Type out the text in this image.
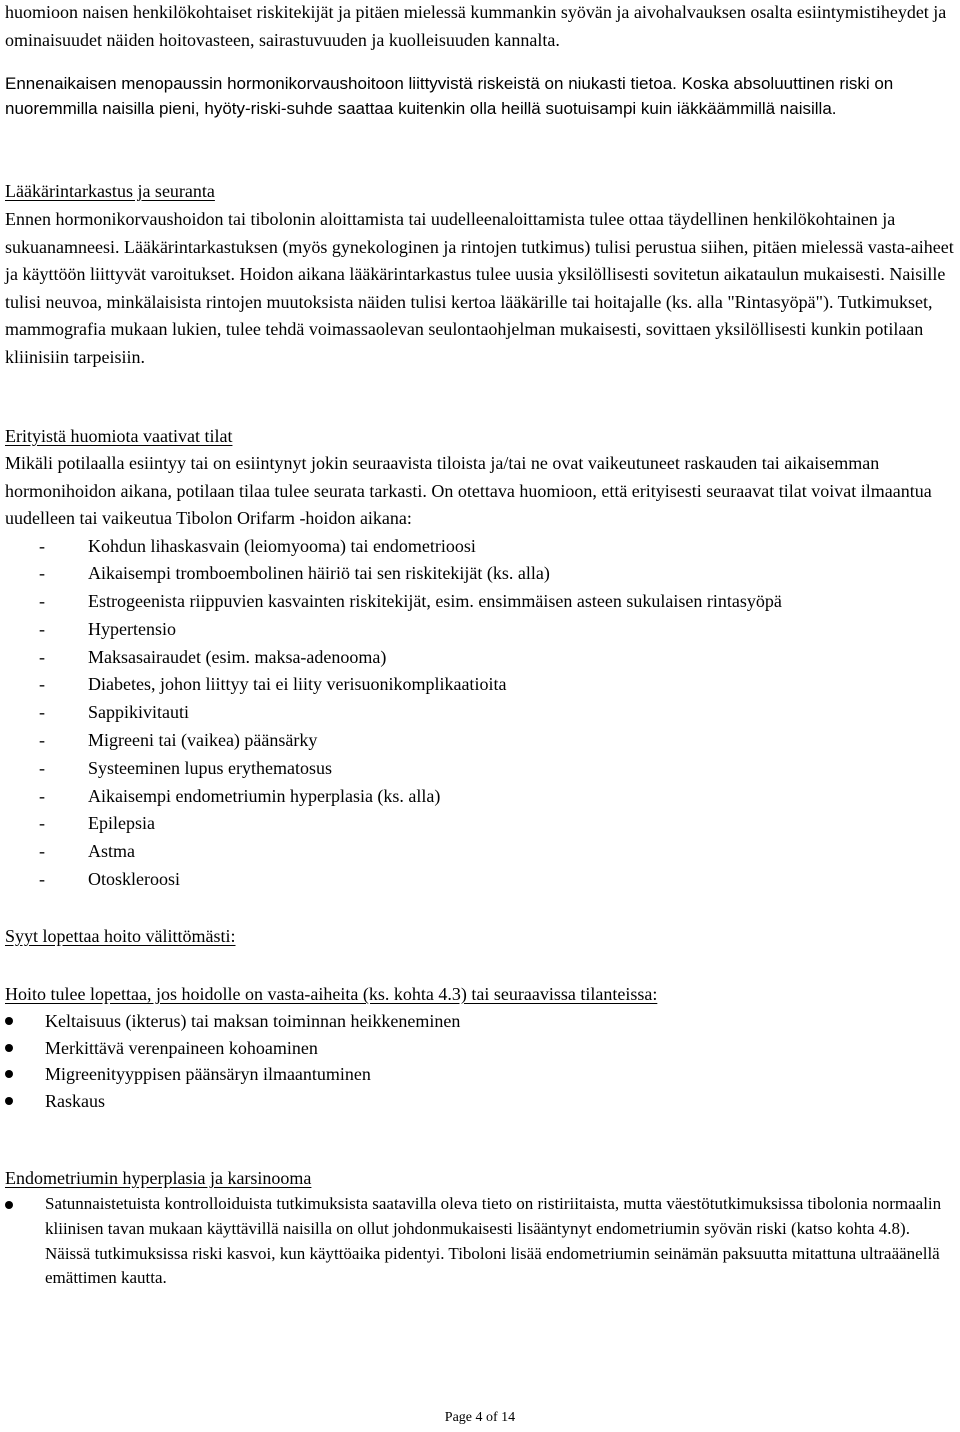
huomioon naisen henkilökohtaiset riskitekijät ja pitäen mielessä kummankin syövän ja aivohalvauksen osalta esiintymistiheydet ja ominaisuudet näiden hoitovasteen, sairastuvuuden ja kuolleisuuden kannalta.

Ennenaikaisen menopaussin hormonikorvaushoitoon liittyvistä riskeistä on niukasti tietoa. Koska absoluuttinen riski on nuoremmilla naisilla pieni, hyöty-riski-suhde saattaa kuitenkin olla heillä suotuisampi kuin iäkkäämmillä naisilla.

Lääkärintarkastus ja seuranta

Ennen hormonikorvaushoidon tai tibolonin aloittamista tai uudelleenaloittamista tulee ottaa täydellinen henkilökohtainen ja sukuanamneesi. Lääkärintarkastuksen (myös gynekologinen ja rintojen tutkimus) tulisi perustua siihen, pitäen mielessä vasta-aiheet ja käyttöön liittyvät varoitukset. Hoidon aikana lääkärintarkastus tulee uusia yksilöllisesti sovitetun aikataulun mukaisesti. Naisille tulisi neuvoa, minkälaisista rintojen muutoksista näiden tulisi kertoa lääkärille tai hoitajalle (ks. alla "Rintasyöpä"). Tutkimukset, mammografia mukaan lukien, tulee tehdä voimassaolevan seulontaohjelman mukaisesti, sovittaen yksilöllisesti kunkin potilaan kliinisiin tarpeisiin.

Erityistä huomiota vaativat tilat

Mikäli potilaalla esiintyy tai on esiintynyt jokin seuraavista tiloista ja/tai ne ovat vaikeutuneet raskauden tai aikaisemman hormonihoidon aikana, potilaan tilaa tulee seurata tarkasti. On otettava huomioon, että erityisesti seuraavat tilat voivat ilmaantua uudelleen tai vaikeutua Tibolon Orifarm -hoidon aikana:

- Kohdun lihaskasvain (leiomyooma) tai endometrioosi
- Aikaisempi tromboembolinen häiriö tai sen riskitekijät (ks. alla)
- Estrogeenista riippuvien kasvainten riskitekijät, esim. ensimmäisen asteen sukulaisen rintasyöpä
- Hypertensio
- Maksasairaudet (esim. maksa-adenooma)
- Diabetes, johon liittyy tai ei liity verisuonikomplikaatioita
- Sappikivitauti
- Migreeni tai (vaikea) päänsärky
- Systeeminen lupus erythematosus
- Aikaisempi endometriumin hyperplasia (ks. alla)
- Epilepsia
- Astma
- Otoskleroosi

Syyt lopettaa hoito välittömästi:

Hoito tulee lopettaa, jos hoidolle on vasta-aiheita (ks. kohta 4.3) tai seuraavissa tilanteissa:

Keltaisuus (ikterus) tai maksan toiminnan heikkeneminen
Merkittävä verenpaineen kohoaminen
Migreenityyppisen päänsäryn ilmaantuminen
Raskaus

Endometriumin hyperplasia ja karsinooma

Satunnaistetuista kontrolloiduista tutkimuksista saatavilla oleva tieto on ristiriitaista, mutta väestötutkimuksissa tibolonia normaalin kliinisen tavan mukaan käyttävillä naisilla on ollut johdonmukaisesti lisääntynyt endometriumin syövän riski (katso kohta 4.8). Näissä tutkimuksissa riski kasvoi, kun käyttöaika pidentyi. Tiboloni lisää endometriumin seinämän paksuutta mitattuna ultraäänellä emättimen kautta.
Page 4 of 14
